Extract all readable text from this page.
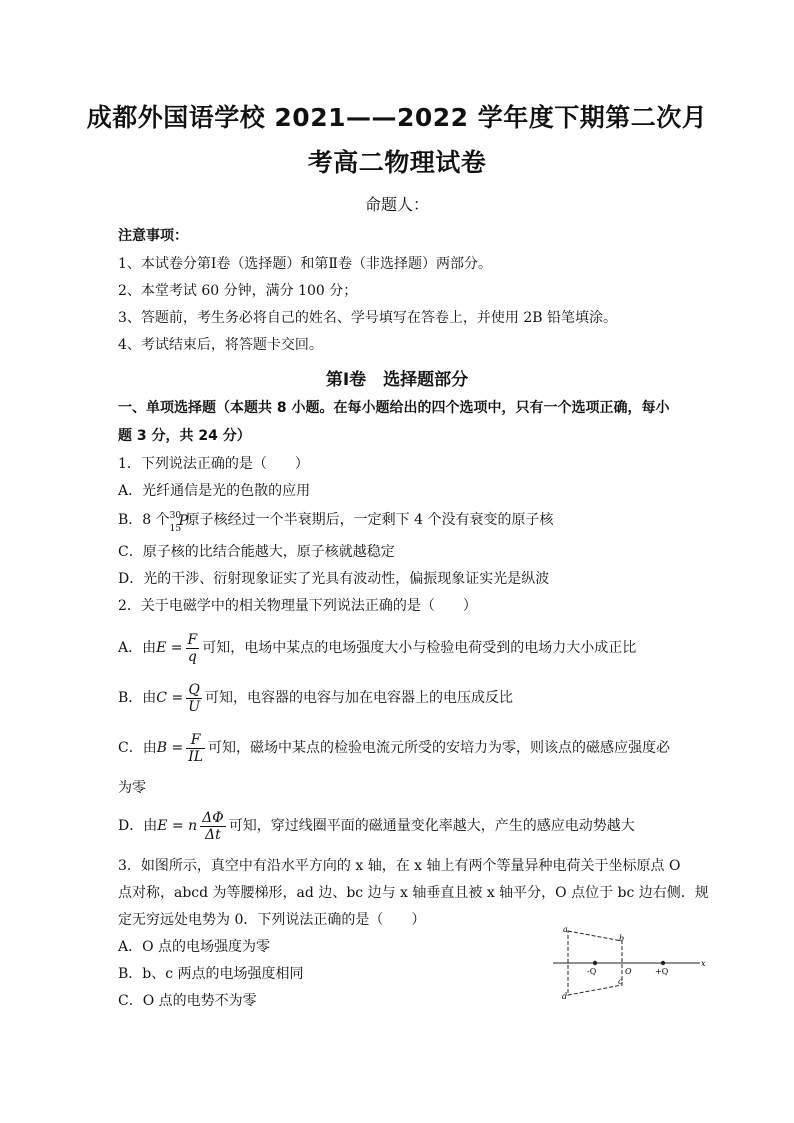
成都外国语学校 2021——2022 学年度下期第二次月
考高二物理试卷
命题人：
注意事项：
1、本试卷分第Ⅰ卷（选择题）和第Ⅱ卷（非选择题）两部分。
2、本堂考试 60 分钟，满分 100 分；
3、答题前，考生务必将自己的姓名、学号填写在答卷上，并使用 2B 铅笔填涂。
4、考试结束后，将答题卡交回。
第Ⅰ卷　选择题部分
一、单项选择题（本题共 8 小题。在每小题给出的四个选项中，只有一个选项正确，每小
题 3 分，共 24 分）
1．下列说法正确的是（　　）
A．光纤通信是光的色散的应用
B．8 个 30
15
P
原子核经过一个半衰期后，一定剩下 4 个没有衰变的原子核
C．原子核的比结合能越大，原子核就越稳定
D．光的干涉、衍射现象证实了光具有波动性，偏振现象证实光是纵波
2．关于电磁学中的相关物理量下列说法正确的是（　　）
A．由$E = \frac{F}{q}$ 可知，电场中某点的电场强度大小与检验电荷受到的电场力大小成正比
B．由$C = \frac{Q}{U}$ 可知，电容器的电容与加在电容器上的电压成反比
C．由$B = \frac{F}{IL}$ 可知，磁场中某点的检验电流元所受的安培力为零，则该点的磁感应强度必
为零
D．由E = n $\frac{\Delta\Phi}{\Delta t}$ 可知，穿过线圈平面的磁通量变化率越大，产生的感应电动势越大
3．如图所示，真空中有沿水平方向的 x 轴，在 x 轴上有两个等量异种电荷关于坐标原点 O
点对称，abcd 为等腰梯形，ad 边、bc 边与 x 轴垂直且被 x 轴平分，O 点位于 bc 边右侧．规
定无穷远处电势为 0．下列说法正确的是（　　）
A．O 点的电场强度为零
B．b、c 两点的电场强度相同
C．O 点的电势不为零
a
b
c
d
-Q	O	+Q
x
